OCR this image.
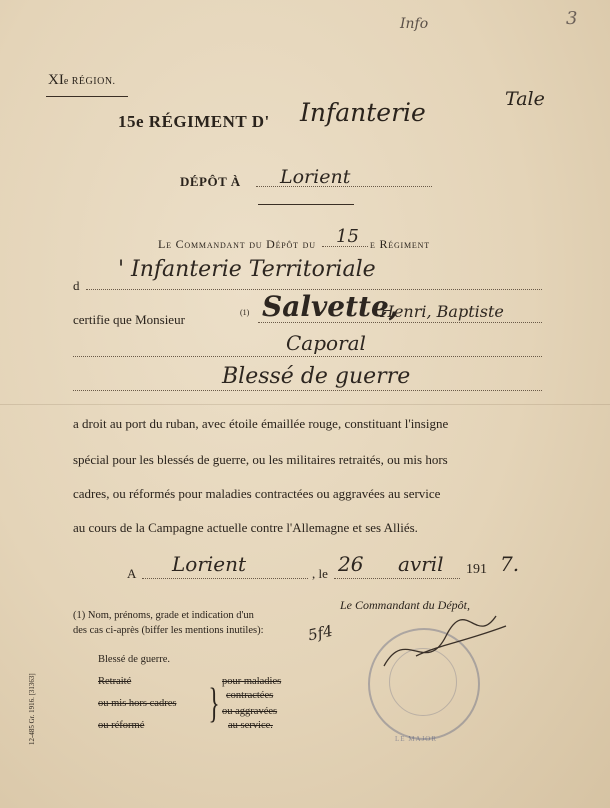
Info	3
XIe RÉGION.
15e RÉGIMENT D' Infanterie	Tale
DÉPÔT À Lorient
Le Commandant du Dépôt du 15 e Régiment
d
' Infanterie Territoriale
certifie que Monsieur	(1) Salvette,
Henri, Baptiste
Caporal
Blessé de guerre
a droit au port du ruban, avec étoile émaillée rouge, constituant l'insigne
spécial pour les blessés de guerre, ou les militaires retraités, ou mis hors
cadres, ou réformés pour maladies contractées ou aggravées au service
au cours de la Campagne actuelle contre l'Allemagne et ses Alliés.
A Lorient	, le 26 avril 191 7.
(1) Nom, prénoms, grade et indication d'un
des cas ci-après (biffer les mentions inutiles):
Le Commandant du Dépôt,
Blessé de guerre.
Retraité
ou mis hors cadres
ou réformé } pour maladies
contractées
ou aggravées
au service.
12-485 Gr. 1916. [31363]
5f4
LE MAJOR
